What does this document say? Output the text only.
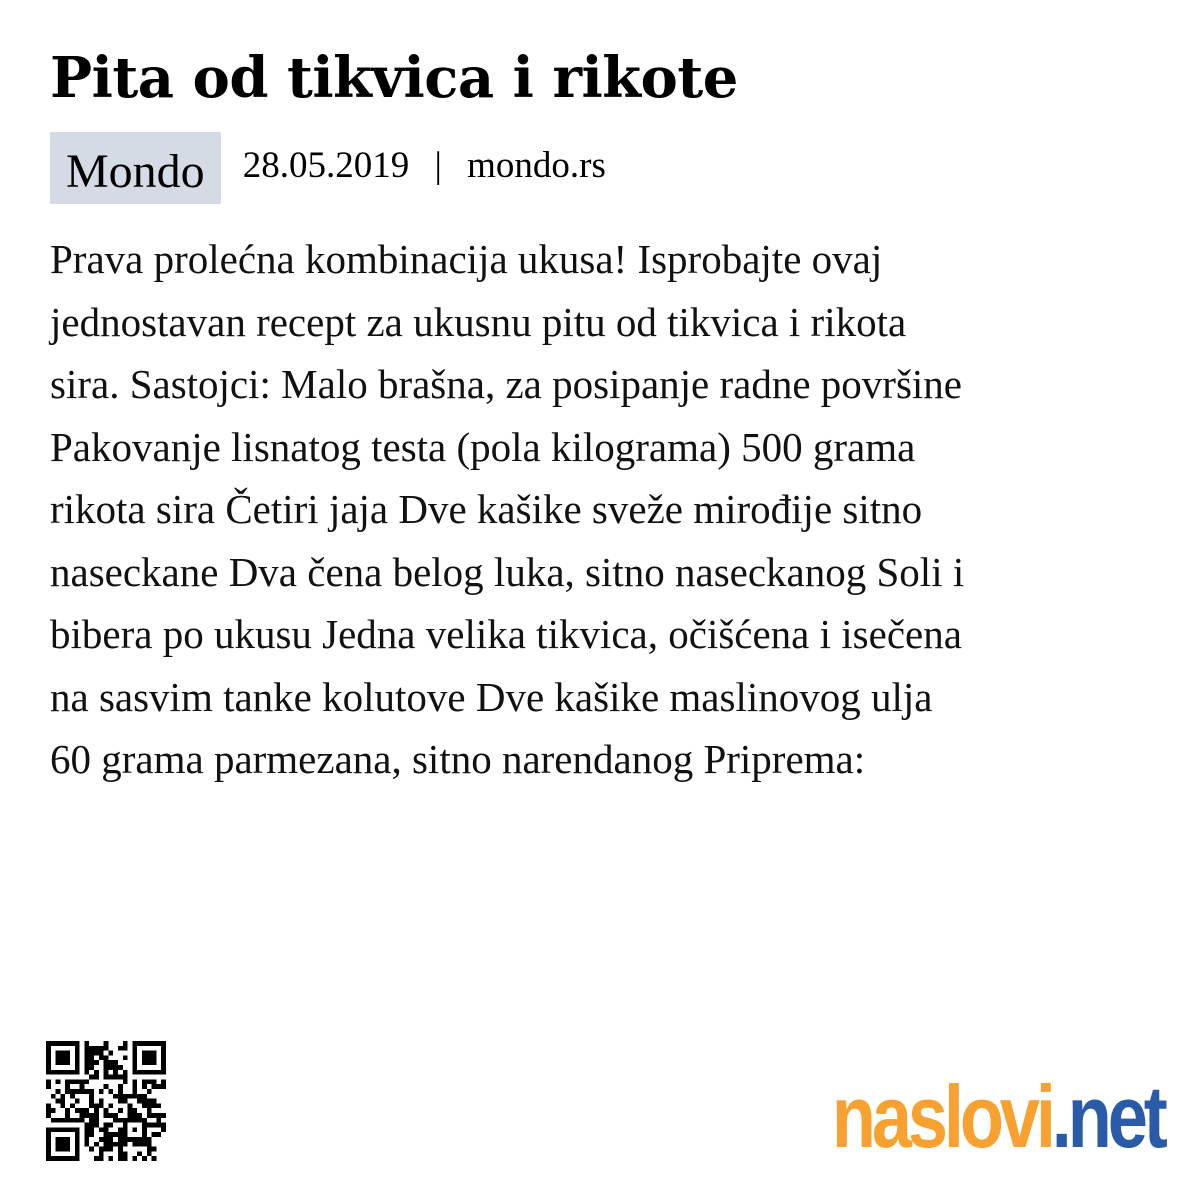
Pita od tikvica i rikote
Mondo	28.05.2019 | mondo.rs

Prava prolećna kombinacija ukusa! Isprobajte ovaj
jednostavan recept za ukusnu pitu od tikvica i rikota
sira. Sastojci: Malo brašna, za posipanje radne površine
Pakovanje lisnatog testa (pola kilograma) 500 grama
rikota sira Četiri jaja Dve kašike sveže mirođije sitno
naseckane Dva čena belog luka, sitno naseckanog Soli i
bibera po ukusu Jedna velika tikvica, očišćena i isečena
na sasvim tanke kolutove Dve kašike maslinovog ulja
60 grama parmezana, sitno narendanog Priprema:

naslovi.net
